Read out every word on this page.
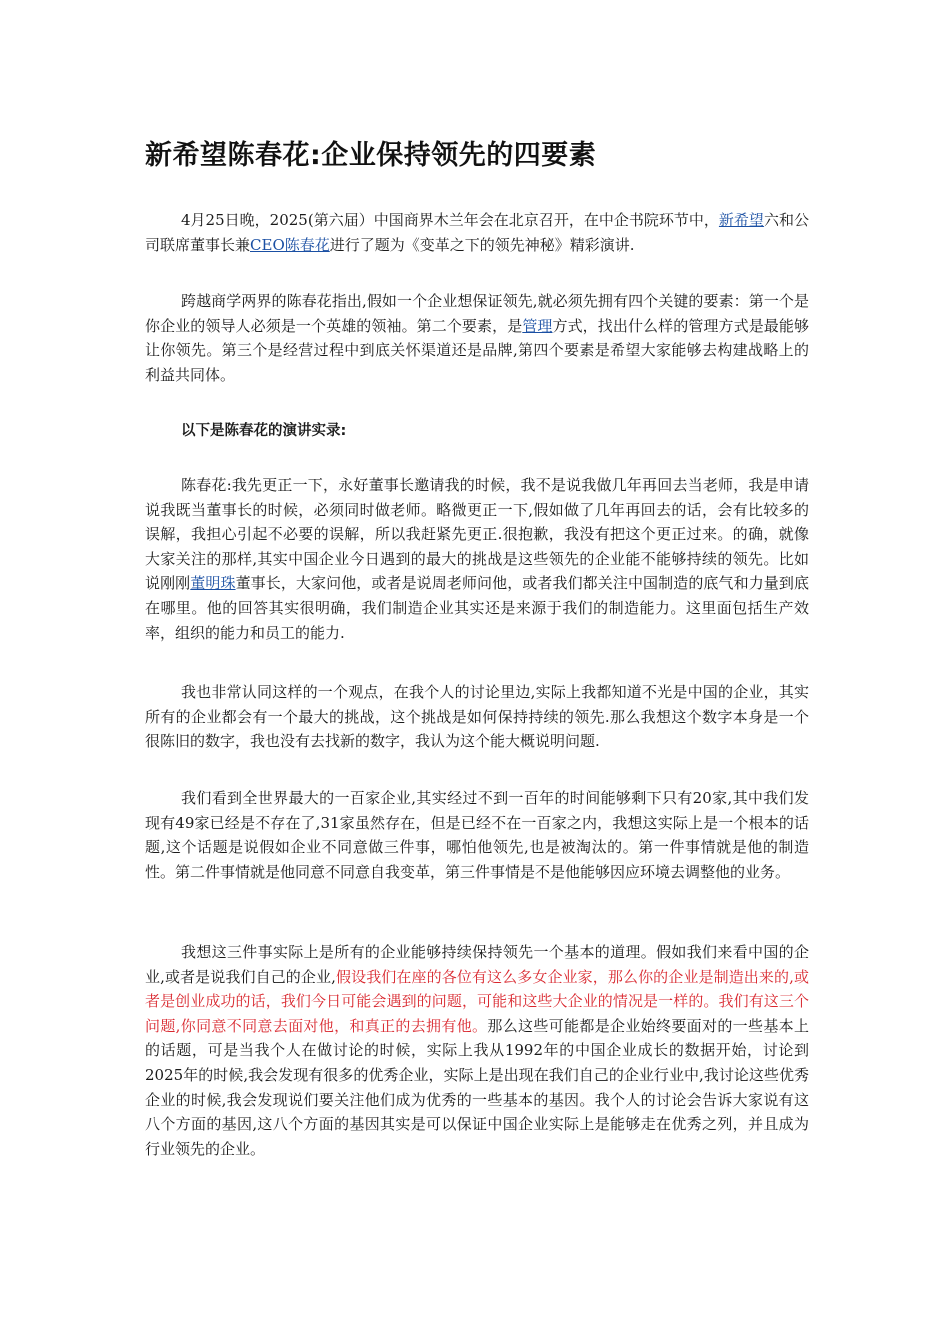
新希望陈春花:企业保持领先的四要素

4月25日晚，2025(第六届）中国商界木兰年会在北京召开，在中企书院环节中，新希望六和公司联席董事长兼CEO陈春花进行了题为《变革之下的领先神秘》精彩演讲.

跨越商学两界的陈春花指出,假如一个企业想保证领先,就必须先拥有四个关键的要素：第一个是你企业的领导人必须是一个英雄的领袖。第二个要素，是管理方式，找出什么样的管理方式是最能够让你领先。第三个是经营过程中到底关怀渠道还是品牌,第四个要素是希望大家能够去构建战略上的利益共同体。

以下是陈春花的演讲实录:

陈春花:我先更正一下，永好董事长邀请我的时候，我不是说我做几年再回去当老师，我是申请说我既当董事长的时候，必须同时做老师。略微更正一下,假如做了几年再回去的话，会有比较多的误解，我担心引起不必要的误解，所以我赶紧先更正.很抱歉，我没有把这个更正过来。的确，就像大家关注的那样,其实中国企业今日遇到的最大的挑战是这些领先的企业能不能够持续的领先。比如说刚刚董明珠董事长，大家问他，或者是说周老师问他，或者我们都关注中国制造的底气和力量到底在哪里。他的回答其实很明确，我们制造企业其实还是来源于我们的制造能力。这里面包括生产效率，组织的能力和员工的能力.

我也非常认同这样的一个观点，在我个人的讨论里边,实际上我都知道不光是中国的企业，其实所有的企业都会有一个最大的挑战，这个挑战是如何保持持续的领先.那么我想这个数字本身是一个很陈旧的数字，我也没有去找新的数字，我认为这个能大概说明问题.

我们看到全世界最大的一百家企业,其实经过不到一百年的时间能够剩下只有20家,其中我们发现有49家已经是不存在了,31家虽然存在，但是已经不在一百家之内，我想这实际上是一个根本的话题,这个话题是说假如企业不同意做三件事，哪怕他领先,也是被淘汰的。第一件事情就是他的制造性。第二件事情就是他同意不同意自我变革，第三件事情是不是他能够因应环境去调整他的业务。

我想这三件事实际上是所有的企业能够持续保持领先一个基本的道理。假如我们来看中国的企业,或者是说我们自己的企业,假设我们在座的各位有这么多女企业家，那么你的企业是制造出来的,或者是创业成功的话，我们今日可能会遇到的问题，可能和这些大企业的情况是一样的。我们有这三个问题,你同意不同意去面对他，和真正的去拥有他。那么这些可能都是企业始终要面对的一些基本上的话题，可是当我个人在做讨论的时候，实际上我从1992年的中国企业成长的数据开始，讨论到2025年的时候,我会发现有很多的优秀企业，实际上是出现在我们自己的企业行业中,我讨论这些优秀企业的时候,我会发现说们要关注他们成为优秀的一些基本的基因。我个人的讨论会告诉大家说有这八个方面的基因,这八个方面的基因其实是可以保证中国企业实际上是能够走在优秀之列，并且成为行业领先的企业。
